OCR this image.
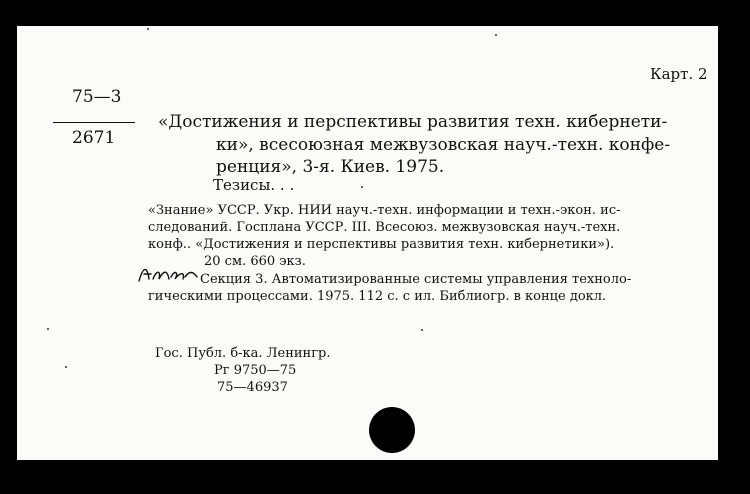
Карт. 2
75—3
2671
«Достижения и перспективы развития техн. кибернети-
ки», всесоюзная межвузовская науч.-техн. конфе-
ренция», 3-я. Киев. 1975.
Тезисы. . .
«Знание» УССР. Укр. НИИ науч.-техн. информации и техн.-экон. ис-
следований. Госплана УССР. III. Всесоюз. межвузовская науч.-техн.
конф.. «Достижения и перспективы развития техн. кибернетики»).
20 см. 660 экз.
Секция 3. Автоматизированные системы управления техноло-
гическими процессами. 1975. 112 с. с ил. Библиогр. в конце докл.
Гос. Публ. б-ка. Ленингр.
Рг 9750—75
75—46937
